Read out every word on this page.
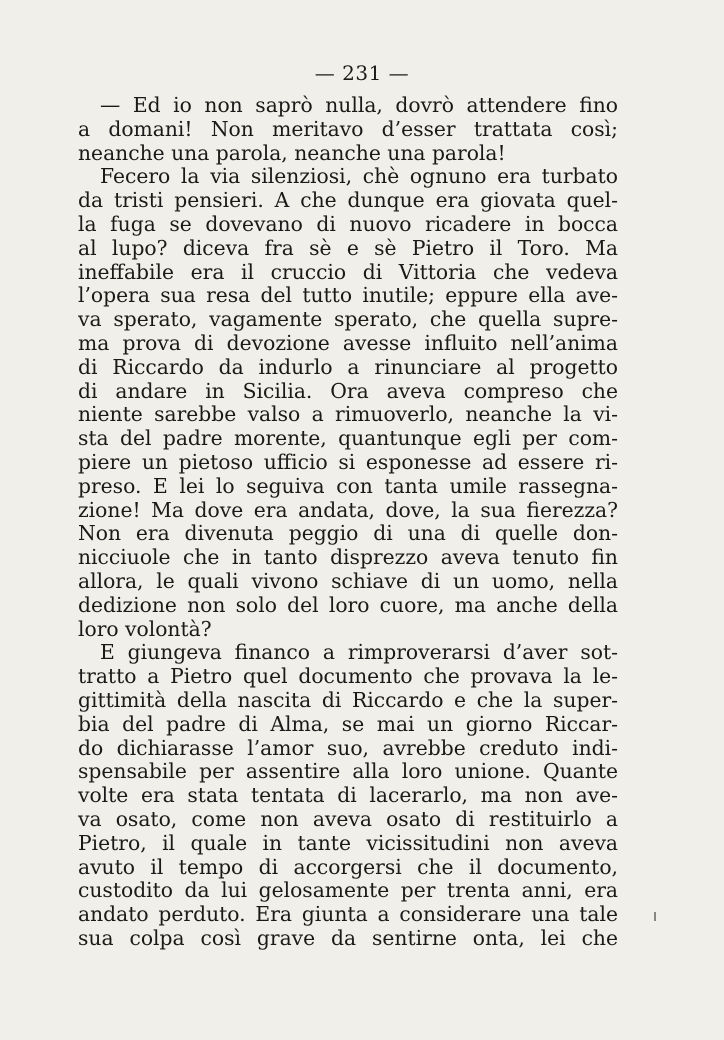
— 231 —
— Ed io non saprò nulla, dovrò attendere fino
a domani! Non meritavo d’esser trattata così;
neanche una parola, neanche una parola!
Fecero la via silenziosi, chè ognuno era turbato
da tristi pensieri. A che dunque era giovata quel-
la fuga se dovevano di nuovo ricadere in bocca
al lupo? diceva fra sè e sè Pietro il Toro. Ma
ineffabile era il cruccio di Vittoria che vedeva
l’opera sua resa del tutto inutile; eppure ella ave-
va sperato, vagamente sperato, che quella supre-
ma prova di devozione avesse influito nell’anima
di Riccardo da indurlo a rinunciare al progetto
di andare in Sicilia. Ora aveva compreso che
niente sarebbe valso a rimuoverlo, neanche la vi-
sta del padre morente, quantunque egli per com-
piere un pietoso ufficio si esponesse ad essere ri-
preso. E lei lo seguiva con tanta umile rassegna-
zione! Ma dove era andata, dove, la sua fierezza?
Non era divenuta peggio di una di quelle don-
nicciuole che in tanto disprezzo aveva tenuto fin
allora, le quali vivono schiave di un uomo, nella
dedizione non solo del loro cuore, ma anche della
loro volontà?
E giungeva financo a rimproverarsi d’aver sot-
tratto a Pietro quel documento che provava la le-
gittimità della nascita di Riccardo e che la super-
bia del padre di Alma, se mai un giorno Riccar-
do dichiarasse l’amor suo, avrebbe creduto indi-
spensabile per assentire alla loro unione. Quante
volte era stata tentata di lacerarlo, ma non ave-
va osato, come non aveva osato di restituirlo a
Pietro, il quale in tante vicissitudini non aveva
avuto il tempo di accorgersi che il documento,
custodito da lui gelosamente per trenta anni, era
andato perduto. Era giunta a considerare una tale
sua colpa così grave da sentirne onta, lei che
